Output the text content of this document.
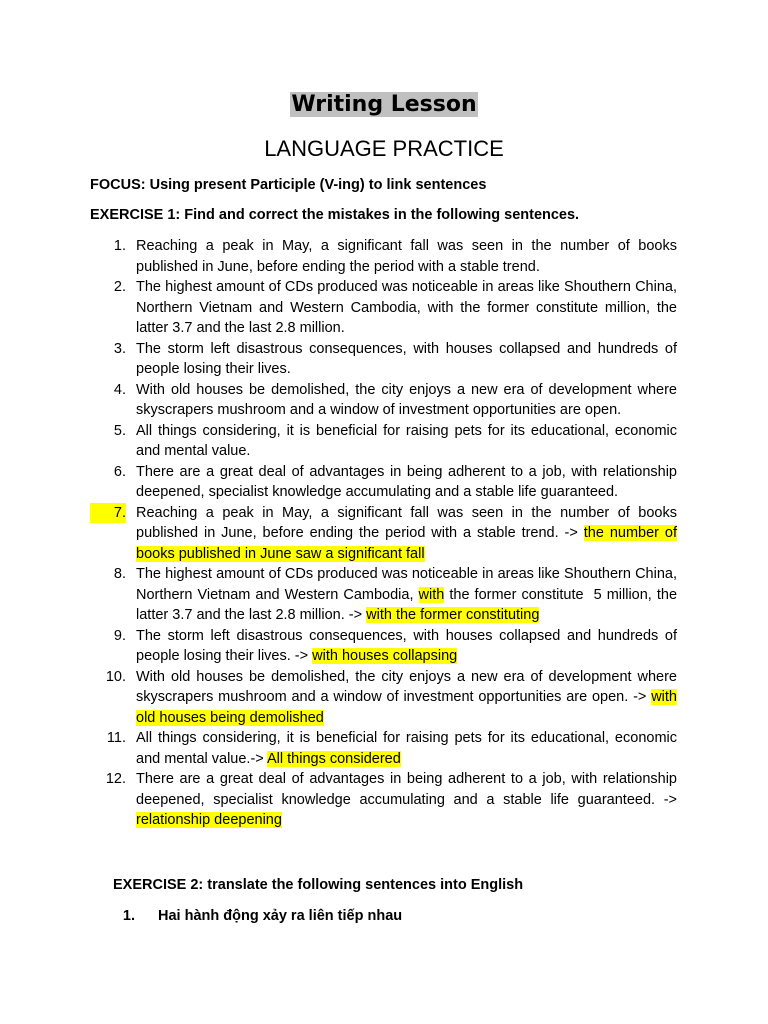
Writing Lesson
LANGUAGE PRACTICE
FOCUS: Using present Participle (V-ing) to link sentences
EXERCISE 1: Find and correct the mistakes in the following sentences.
1. Reaching a peak in May, a significant fall was seen in the number of books published in June, before ending the period with a stable trend.
2. The highest amount of CDs produced was noticeable in areas like Shouthern China, Northern Vietnam and Western Cambodia, with the former constitute million, the latter 3.7 and the last 2.8 million.
3. The storm left disastrous consequences, with houses collapsed and hundreds of people losing their lives.
4. With old houses be demolished, the city enjoys a new era of development where skyscrapers mushroom and a window of investment opportunities are open.
5. All things considering, it is beneficial for raising pets for its educational, economic and mental value.
6. There are a great deal of advantages in being adherent to a job, with relationship deepened, specialist knowledge accumulating and a stable life guaranteed.
7. Reaching a peak in May, a significant fall was seen in the number of books published in June, before ending the period with a stable trend. -> the number of books published in June saw a significant fall
8. The highest amount of CDs produced was noticeable in areas like Shouthern China, Northern Vietnam and Western Cambodia, with the former constitute  5 million, the latter 3.7 and the last 2.8 million. -> with the former constituting
9. The storm left disastrous consequences, with houses collapsed and hundreds of people losing their lives. -> with houses collapsing
10. With old houses be demolished, the city enjoys a new era of development where skyscrapers mushroom and a window of investment opportunities are open. -> with old houses being demolished
11. All things considering, it is beneficial for raising pets for its educational, economic and mental value.-> All things considered
12. There are a great deal of advantages in being adherent to a job, with relationship deepened, specialist knowledge accumulating and a stable life guaranteed. -> relationship deepening
EXERCISE 2: translate the following sentences into English
1. Hai hành động xảy ra liên tiếp nhau
